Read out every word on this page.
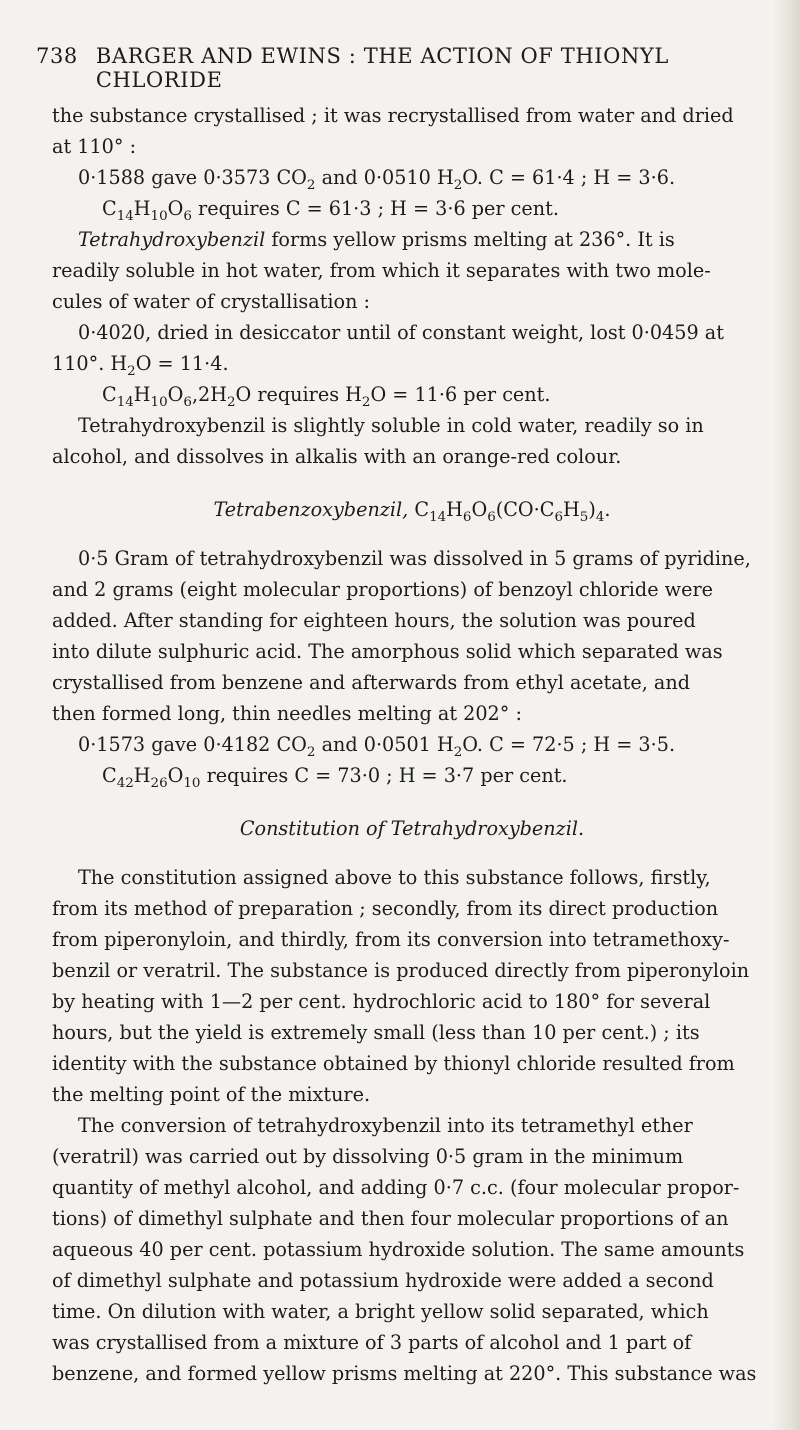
738 BARGER AND EWINS : THE ACTION OF THIONYL CHLORIDE

the substance crystallised ; it was recrystallised from water and dried

at 110° :

0·1588 gave 0·3573 $CO_2$ and 0·0510 $H_2O$. C = 61·4 ; H = 3·6.

$C_{14}H_{10}O_6$ requires C = 61·3 ; H = 3·6 per cent.

Tetrahydroxybenzil forms yellow prisms melting at 236°. It is

readily soluble in hot water, from which it separates with two mole-

cules of water of crystallisation :

0·4020, dried in desiccator until of constant weight, lost 0·0459 at

110°. $H_2O = 11\cdot 4$.

$C_{14}H_{10}O_6,2H_2O$ requires $H_2O = 11\cdot 6$ per cent.

Tetrahydroxybenzil is slightly soluble in cold water, readily so in

alcohol, and dissolves in alkalis with an orange-red colour.

Tetrabenzoxybenzil, $C_{14}H_6O_6(CO\cdot C_6H_5)_4$.

0·5 Gram of tetrahydroxybenzil was dissolved in 5 grams of pyridine,

and 2 grams (eight molecular proportions) of benzoyl chloride were

added. After standing for eighteen hours, the solution was poured

into dilute sulphuric acid. The amorphous solid which separated was

crystallised from benzene and afterwards from ethyl acetate, and

then formed long, thin needles melting at 202° :

0·1573 gave 0·4182 $CO_2$ and 0·0501 $H_2O$. C = 72·5 ; H = 3·5.

$C_{42}H_{26}O_{10}$ requires C = 73·0 ; H = 3·7 per cent.

Constitution of Tetrahydroxybenzil.

The constitution assigned above to this substance follows, firstly,

from its method of preparation ; secondly, from its direct production

from piperonyloin, and thirdly, from its conversion into tetramethoxy-

benzil or veratril. The substance is produced directly from piperonyloin

by heating with 1—2 per cent. hydrochloric acid to 180° for several

hours, but the yield is extremely small (less than 10 per cent.) ; its

identity with the substance obtained by thionyl chloride resulted from

the melting point of the mixture.

The conversion of tetrahydroxybenzil into its tetramethyl ether

(veratril) was carried out by dissolving 0·5 gram in the minimum

quantity of methyl alcohol, and adding 0·7 c.c. (four molecular propor-

tions) of dimethyl sulphate and then four molecular proportions of an

aqueous 40 per cent. potassium hydroxide solution. The same amounts

of dimethyl sulphate and potassium hydroxide were added a second

time. On dilution with water, a bright yellow solid separated, which

was crystallised from a mixture of 3 parts of alcohol and 1 part of

benzene, and formed yellow prisms melting at 220°. This substance was
